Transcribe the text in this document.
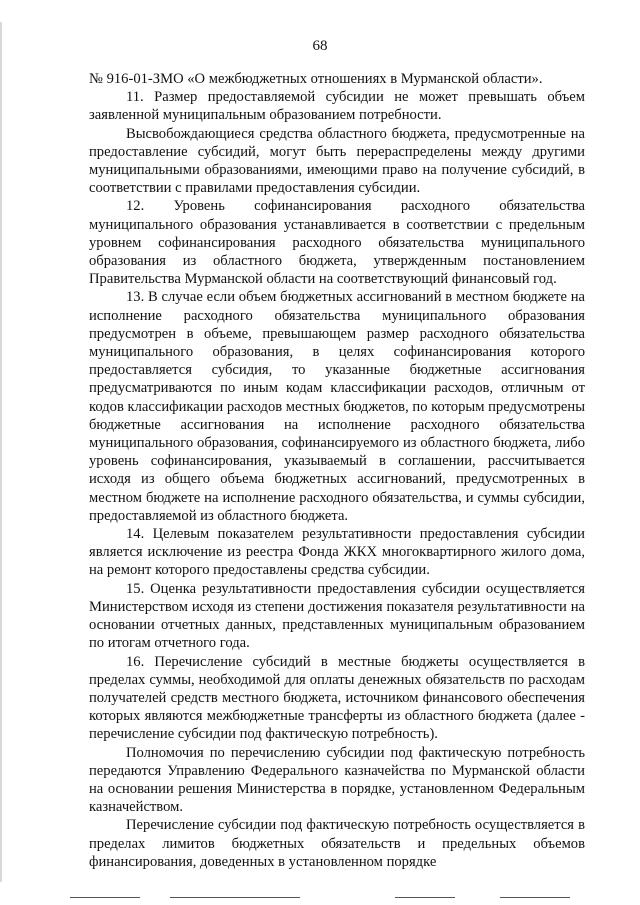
68

№ 916-01-ЗМО «О межбюджетных отношениях в Мурманской области».

11. Размер предоставляемой субсидии не может превышать объем заявленной муниципальным образованием потребности.

Высвобождающиеся средства областного бюджета, предусмотренные на предоставление субсидий, могут быть перераспределены между другими муниципальными образованиями, имеющими право на получение субсидий, в соответствии с правилами предоставления субсидии.

12. Уровень софинансирования расходного обязательства муниципального образования устанавливается в соответствии с предельным уровнем софинансирования расходного обязательства муниципального образования из областного бюджета, утвержденным постановлением Правительства Мурманской области на соответствующий финансовый год.

13. В случае если объем бюджетных ассигнований в местном бюджете на исполнение расходного обязательства муниципального образования предусмотрен в объеме, превышающем размер расходного обязательства муниципального образования, в целях софинансирования которого предоставляется субсидия, то указанные бюджетные ассигнования предусматриваются по иным кодам классификации расходов, отличным от кодов классификации расходов местных бюджетов, по которым предусмотрены бюджетные ассигнования на исполнение расходного обязательства муниципального образования, софинансируемого из областного бюджета, либо уровень софинансирования, указываемый в соглашении, рассчитывается исходя из общего объема бюджетных ассигнований, предусмотренных в местном бюджете на исполнение расходного обязательства, и суммы субсидии, предоставляемой из областного бюджета.

14. Целевым показателем результативности предоставления субсидии является исключение из реестра Фонда ЖКХ многоквартирного жилого дома, на ремонт которого предоставлены средства субсидии.

15. Оценка результативности предоставления субсидии осуществляется Министерством исходя из степени достижения показателя результативности на основании отчетных данных, представленных муниципальным образованием по итогам отчетного года.

16. Перечисление субсидий в местные бюджеты осуществляется в пределах суммы, необходимой для оплаты денежных обязательств по расходам получателей средств местного бюджета, источником финансового обеспечения которых являются межбюджетные трансферты из областного бюджета (далее - перечисление субсидии под фактическую потребность).

Полномочия по перечислению субсидии под фактическую потребность передаются Управлению Федерального казначейства по Мурманской области на основании решения Министерства в порядке, установленном Федеральным казначейством.

Перечисление субсидии под фактическую потребность осуществляется в пределах лимитов бюджетных обязательств и предельных объемов финансирования, доведенных в установленном порядке
